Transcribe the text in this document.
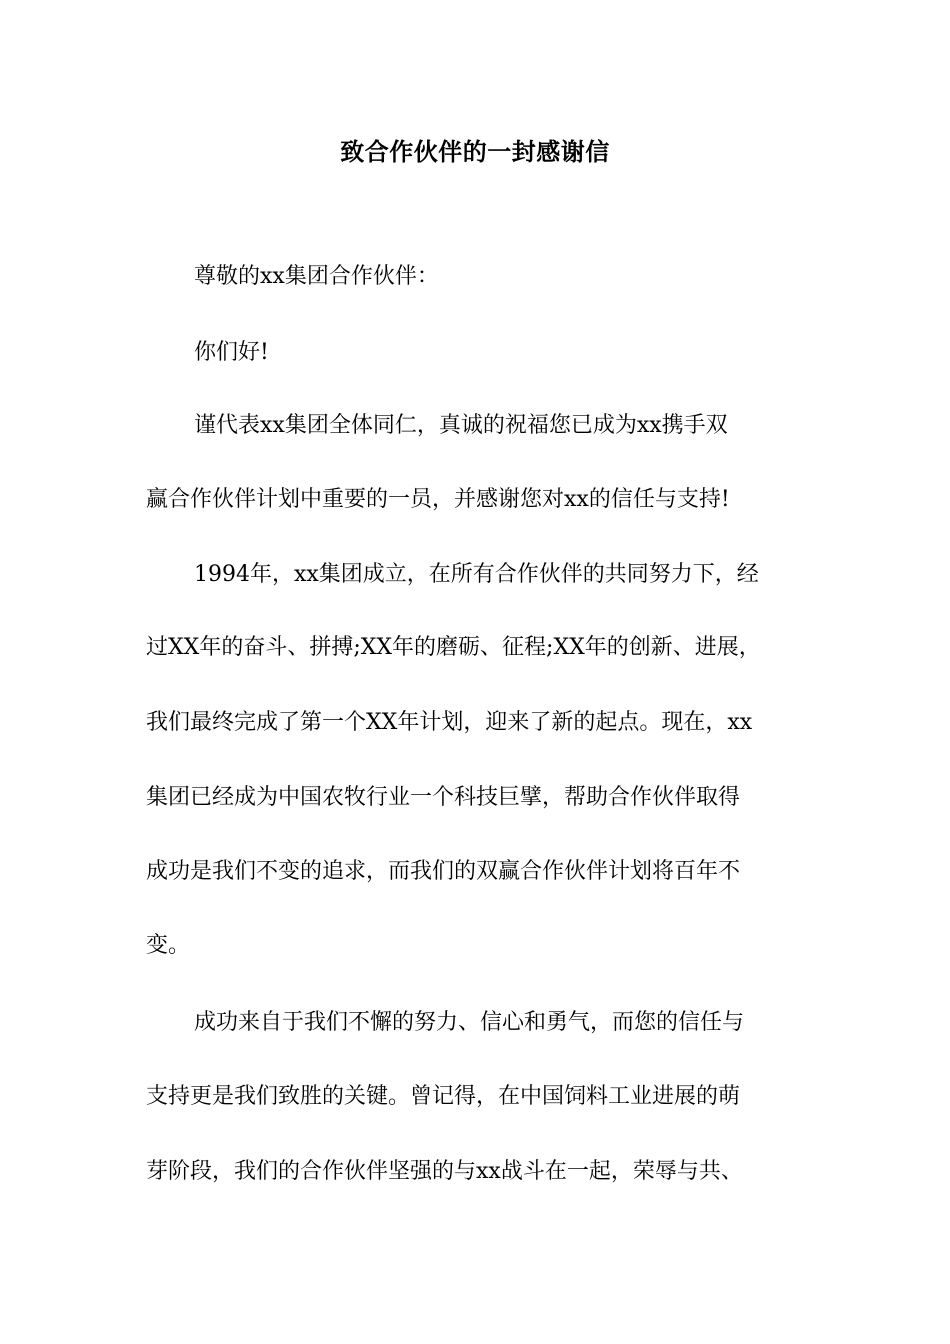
致合作伙伴的一封感谢信
尊敬的xx集团合作伙伴：
你们好!
谨代表xx集团全体同仁，真诚的祝福您已成为xx携手双
赢合作伙伴计划中重要的一员，并感谢您对xx的信任与支持!
1994年，xx集团成立，在所有合作伙伴的共同努力下，经
过XX年的奋斗、拼搏;XX年的磨砺、征程;XX年的创新、进展，
我们最终完成了第一个XX年计划，迎来了新的起点。现在，xx
集团已经成为中国农牧行业一个科技巨擘，帮助合作伙伴取得
成功是我们不变的追求，而我们的双赢合作伙伴计划将百年不
变。
成功来自于我们不懈的努力、信心和勇气，而您的信任与
支持更是我们致胜的关键。曾记得，在中国饲料工业进展的萌
芽阶段，我们的合作伙伴坚强的与xx战斗在一起，荣辱与共、
